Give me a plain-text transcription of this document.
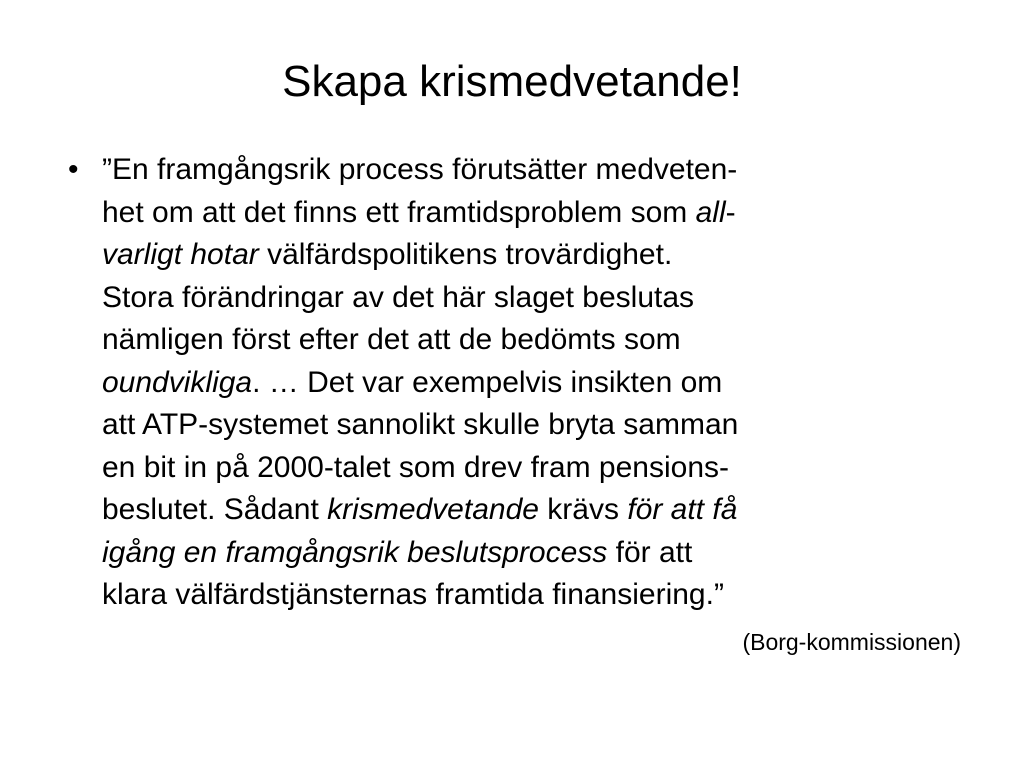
Skapa krismedvetande!
• ”En framgångsrik process förutsätter medveten-
het om att det finns ett framtidsproblem som all-
varligt hotar välfärdspolitikens trovärdighet.
Stora förändringar av det här slaget beslutas
nämligen först efter det att de bedömts som
oundvikliga. … Det var exempelvis insikten om
att ATP-systemet sannolikt skulle bryta samman
en bit in på 2000-talet som drev fram pensions-
beslutet. Sådant krismedvetande krävs för att få
igång en framgångsrik beslutsprocess för att
klara välfärdstjänsternas framtida finansiering.”
(Borg-kommissionen)
